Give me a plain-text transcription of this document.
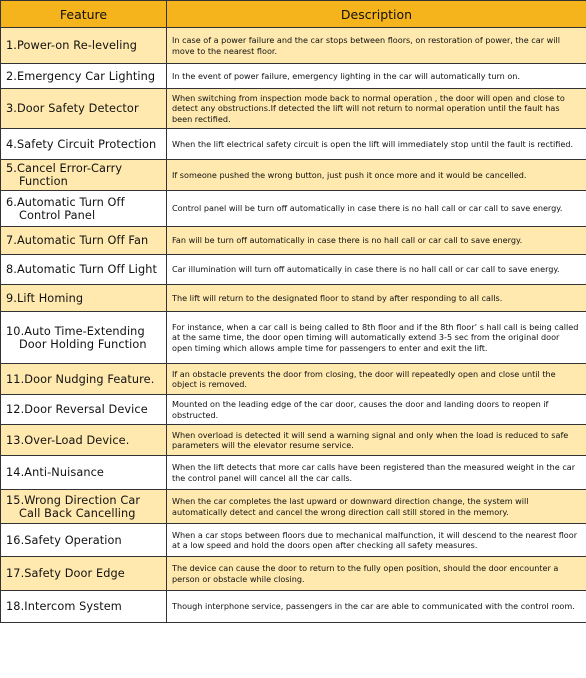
Feature	Description

1.Power-on Re-leveling	In case of a power failure and the car stops between floors, on restoration of power, the car will move to the nearest floor.

2.Emergency Car Lighting	In the event of power failure, emergency lighting in the car will automatically turn on.

3.Door Safety Detector	When switching from inspection mode back to normal operation , the door will open and close to detect any obstructions.If detected the lift will not return to normal operation until the fault has been rectified.

4.Safety Circuit Protection	When the lift electrical safety circuit is open the lift will immediately stop until the fault is rectified.

5.Cancel Error-Carry
Function	If someone pushed the wrong button, just push it once more and it would be cancelled.

6.Automatic Turn Off
Control Panel	Control panel will be turn off automatically in case there is no hall call or car call to save energy.

7.Automatic Turn Off Fan	Fan will be turn off automatically in case there is no hall call or car call to save energy.

8.Automatic Turn Off Light	Car illumination will turn off automatically in case there is no hall call or car call to save energy.

9.Lift Homing	The lift will return to the designated floor to stand by after responding to all calls.

10.Auto Time-Extending
Door Holding Function	For instance, when a car call is being called to 8th floor and if the 8th floor’ s hall call is being called at the same time, the door open timing will automatically extend 3-5 sec from the original door open timing which allows ample time for passengers to enter and exit the lift.

11.Door Nudging Feature.	If an obstacle prevents the door from closing, the door will repeatedly open and close until the object is removed.

12.Door Reversal Device	Mounted on the leading edge of the car door, causes the door and landing doors to reopen if obstructed.

13.Over-Load Device.	When overload is detected it will send a warning signal and only when the load is reduced to safe parameters will the elevator resume service.

14.Anti-Nuisance	When the lift detects that more car calls have been registered than the measured weight in the car the control panel will cancel all the car calls.

15.Wrong Direction Car
Call Back Cancelling	When the car completes the last upward or downward direction change, the system will automatically detect and cancel the wrong direction call still stored in the memory.

16.Safety Operation	When a car stops between floors due to mechanical malfunction, it will descend to the nearest floor at a low speed and hold the doors open after checking all safety measures.

17.Safety Door Edge	The device can cause the door to return to the fully open position, should the door encounter a person or obstacle while closing.

18.Intercom System	Though interphone service, passengers in the car are able to communicated with the control room.
